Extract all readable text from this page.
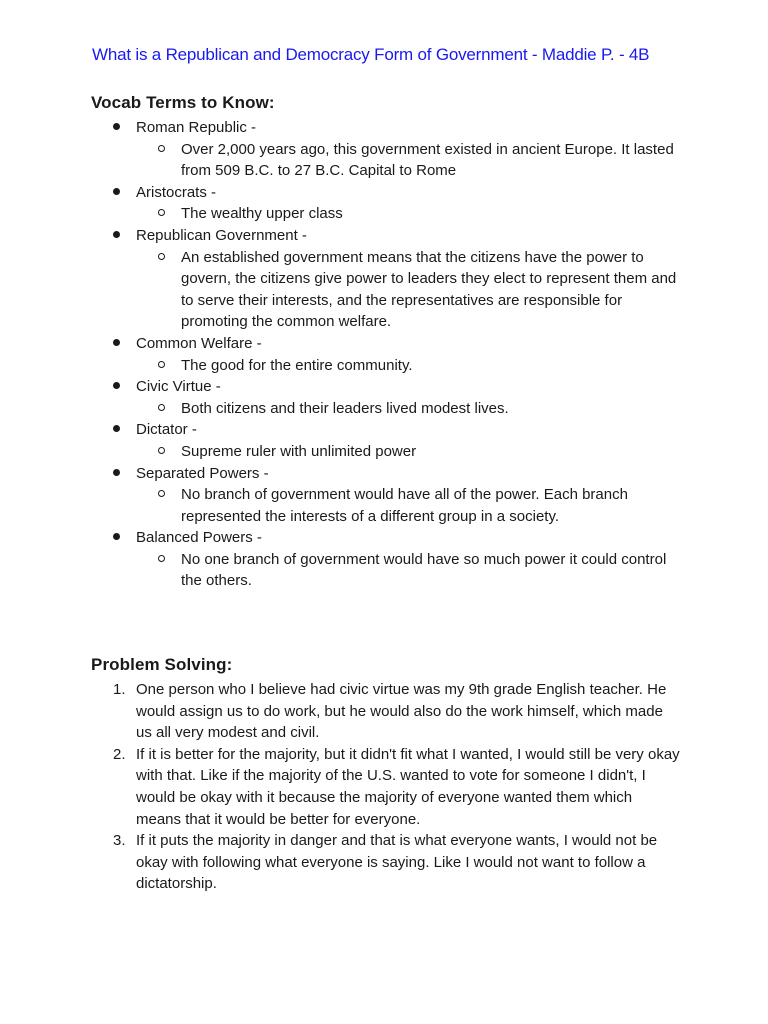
What is a Republican and Democracy Form of Government - Maddie P. - 4B
Vocab Terms to Know:
Roman Republic -
Over 2,000 years ago, this government existed in ancient Europe. It lasted from 509 B.C. to 27 B.C. Capital to Rome
Aristocrats -
The wealthy upper class
Republican Government -
An established government means that the citizens have the power to govern, the citizens give power to leaders they elect to represent them and to serve their interests, and the representatives are responsible for promoting the common welfare.
Common Welfare -
The good for the entire community.
Civic Virtue -
Both citizens and their leaders lived modest lives.
Dictator -
Supreme ruler with unlimited power
Separated Powers -
No branch of government would have all of the power. Each branch represented the interests of a different group in a society.
Balanced Powers -
No one branch of government would have so much power it could control the others.
Problem Solving:
1. One person who I believe had civic virtue was my 9th grade English teacher. He would assign us to do work, but he would also do the work himself, which made us all very modest and civil.
2. If it is better for the majority, but it didn't fit what I wanted, I would still be very okay with that. Like if the majority of the U.S. wanted to vote for someone I didn't, I would be okay with it because the majority of everyone wanted them which means that it would be better for everyone.
3. If it puts the majority in danger and that is what everyone wants, I would not be okay with following what everyone is saying. Like I would not want to follow a dictatorship.
